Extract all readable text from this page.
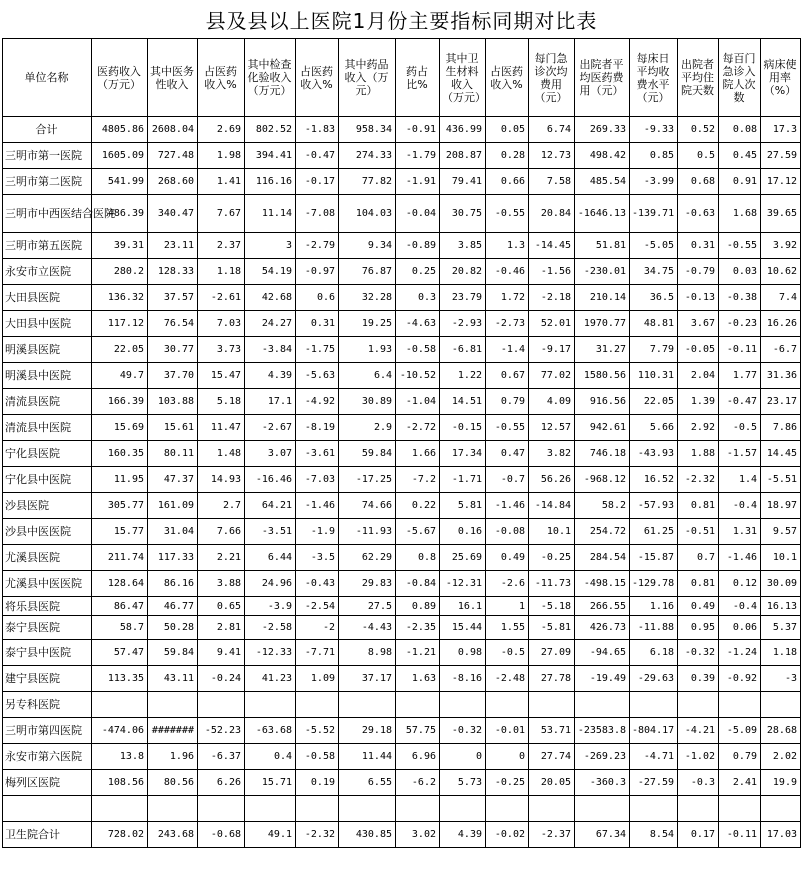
县及县以上医院1月份主要指标同期对比表
单位名称	医药收入（万元）	其中医务性收入	占医药收入%	其中检查化验收入（万元）	占医药收入%	其中药品收入（万元）	药占比%	其中卫生材料收入（万元）	占医药收入%	每门急诊次均费用（元）	出院者平均医药费用（元）	每床日平均收费水平（元）	出院者平均住院天数	每百门急诊入院人次数	病床使用率（%）
合计	4805.86	2608.04	2.69	802.52	-1.83	958.34	-0.91	436.99	0.05	6.74	269.33	-9.33	0.52	0.08	17.3
三明市第一医院	1605.09	727.48	1.98	394.41	-0.47	274.33	-1.79	208.87	0.28	12.73	498.42	0.85	0.5	0.45	27.59
三明市第二医院	541.99	268.60	1.41	116.16	-0.17	77.82	-1.91	79.41	0.66	7.58	485.54	-3.99	0.68	0.91	17.12
三明市中西医结合医院	486.39	340.47	7.67	11.14	-7.08	104.03	-0.04	30.75	-0.55	20.84	-1646.13	-139.71	-0.63	1.68	39.65
三明市第五医院	39.31	23.11	2.37	3	-2.79	9.34	-0.89	3.85	1.3	-14.45	51.81	-5.05	0.31	-0.55	3.92
永安市立医院	280.2	128.33	1.18	54.19	-0.97	76.87	0.25	20.82	-0.46	-1.56	-230.01	34.75	-0.79	0.03	10.62
大田县医院	136.32	37.57	-2.61	42.68	0.6	32.28	0.3	23.79	1.72	-2.18	210.14	36.5	-0.13	-0.38	7.4
大田县中医院	117.12	76.54	7.03	24.27	0.31	19.25	-4.63	-2.93	-2.73	52.01	1970.77	48.81	3.67	-0.23	16.26
明溪县医院	22.05	30.77	3.73	-3.84	-1.75	1.93	-0.58	-6.81	-1.4	-9.17	31.27	7.79	-0.05	-0.11	-6.7
明溪县中医院	49.7	37.70	15.47	4.39	-5.63	6.4	-10.52	1.22	0.67	77.02	1580.56	110.31	2.04	1.77	31.36
清流县医院	166.39	103.88	5.18	17.1	-4.92	30.89	-1.04	14.51	0.79	4.09	916.56	22.05	1.39	-0.47	23.17
清流县中医院	15.69	15.61	11.47	-2.67	-8.19	2.9	-2.72	-0.15	-0.55	12.57	942.61	5.66	2.92	-0.5	7.86
宁化县医院	160.35	80.11	1.48	3.07	-3.61	59.84	1.66	17.34	0.47	3.82	746.18	-43.93	1.88	-1.57	14.45
宁化县中医院	11.95	47.37	14.93	-16.46	-7.03	-17.25	-7.2	-1.71	-0.7	56.26	-968.12	16.52	-2.32	1.4	-5.51
沙县医院	305.77	161.09	2.7	64.21	-1.46	74.66	0.22	5.81	-1.46	-14.84	58.2	-57.93	0.81	-0.4	18.97
沙县中医医院	15.77	31.04	7.66	-3.51	-1.9	-11.93	-5.67	0.16	-0.08	10.1	254.72	61.25	-0.51	1.31	9.57
尤溪县医院	211.74	117.33	2.21	6.44	-3.5	62.29	0.8	25.69	0.49	-0.25	284.54	-15.87	0.7	-1.46	10.1
尤溪县中医医院	128.64	86.16	3.88	24.96	-0.43	29.83	-0.84	-12.31	-2.6	-11.73	-498.15	-129.78	0.81	0.12	30.09
将乐县医院	86.47	46.77	0.65	-3.9	-2.54	27.5	0.89	16.1	1	-5.18	266.55	1.16	0.49	-0.4	16.13
泰宁县医院	58.7	50.28	2.81	-2.58	-2	-4.43	-2.35	15.44	1.55	-5.81	426.73	-11.88	0.95	0.06	5.37
泰宁县中医院	57.47	59.84	9.41	-12.33	-7.71	8.98	-1.21	0.98	-0.5	27.09	-94.65	6.18	-0.32	-1.24	1.18
建宁县医院	113.35	43.11	-0.24	41.23	1.09	37.17	1.63	-8.16	-2.48	27.78	-19.49	-29.63	0.39	-0.92	-3
另专科医院															
三明市第四医院	-474.06	#######	-52.23	-63.68	-5.52	29.18	57.75	-0.32	-0.01	53.71	-23583.8	-804.17	-4.21	-5.09	28.68
永安市第六医院	13.8	1.96	-6.37	0.4	-0.58	11.44	6.96	0	0	27.74	-269.23	-4.71	-1.02	0.79	2.02
梅列区医院	108.56	80.56	6.26	15.71	0.19	6.55	-6.2	5.73	-0.25	20.05	-360.3	-27.59	-0.3	2.41	19.9

卫生院合计	728.02	243.68	-0.68	49.1	-2.32	430.85	3.02	4.39	-0.02	-2.37	67.34	8.54	0.17	-0.11	17.03
